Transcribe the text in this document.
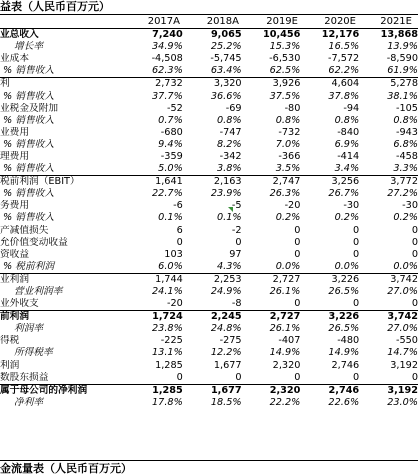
益表（人民币百万元）
2017A	2018A	2019E	2020E	2021E
业总收入	7,240	9,065	10,456	12,176	13,868
增长率	34.9%	25.2%	15.3%	16.5%	13.9%
业成本	-4,508	-5,745	-6,530	-7,572	-8,590
% 销售收入	62.3%	63.4%	62.5%	62.2%	61.9%
利	2,732	3,320	3,926	4,604	5,278
% 销售收入	37.7%	36.6%	37.5%	37.8%	38.1%
业税金及附加	-52	-69	-80	-94	-105
% 销售收入	0.7%	0.8%	0.8%	0.8%	0.8%
业费用	-680	-747	-732	-840	-943
% 销售收入	9.4%	8.2%	7.0%	6.9%	6.8%
理费用	-359	-342	-366	-414	-458
% 销售收入	5.0%	3.8%	3.5%	3.4%	3.3%
税前利润（EBIT）	1,641	2,163	2,747	3,256	3,772
% 销售收入	22.7%	23.9%	26.3%	26.7%	27.2%
务费用	-6	-5	-20	-30	-30
% 销售收入	0.1%	0.1%	0.2%	0.2%	0.2%
产减值损失	6	-2	0	0	0
允价值变动收益	0	0	0	0	0
资收益	103	97	0	0	0
% 税前利润	6.0%	4.3%	0.0%	0.0%	0.0%
业利润	1,744	2,253	2,727	3,226	3,742
营业利润率	24.1%	24.9%	26.1%	26.5%	27.0%
业外收支	-20	-8	0	0	0
前利润	1,724	2,245	2,727	3,226	3,742
利润率	23.8%	24.8%	26.1%	26.5%	27.0%
得税	-225	-275	-407	-480	-550
所得税率	13.1%	12.2%	14.9%	14.9%	14.7%
利润	1,285	1,677	2,320	2,746	3,192
数股东损益	0	0	0	0	0
属于母公司的净利润	1,285	1,677	2,320	2,746	3,192
净利率	17.8%	18.5%	22.2%	22.6%	23.0%
金流量表（人民币百万元）
